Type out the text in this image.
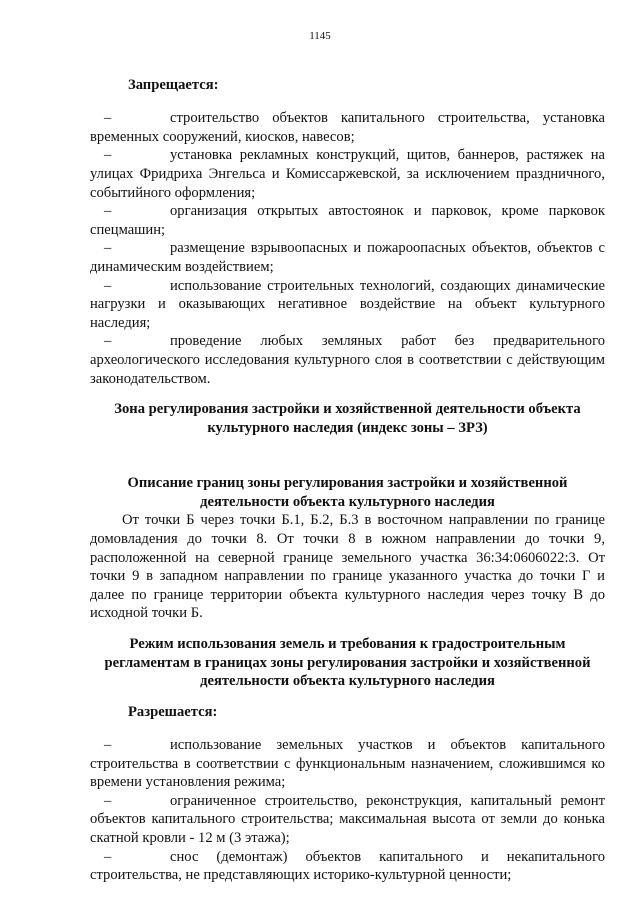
1145

Запрещается:

–	строительство объектов капитального строительства, установка временных сооружений, киосков, навесов;

–	установка рекламных конструкций, щитов, баннеров, растяжек на улицах Фридриха Энгельса и Комиссаржевской, за исключением праздничного, событийного оформления;

–	организация открытых автостоянок и парковок, кроме парковок спецмашин;

–	размещение взрывоопасных и пожароопасных объектов, объектов с динамическим воздействием;

–	использование строительных технологий, создающих динамические нагрузки и оказывающих негативное воздействие на объект культурного наследия;

–	проведение любых земляных работ без предварительного археологического исследования культурного слоя в соответствии с действующим законодательством.

Зона регулирования застройки и хозяйственной деятельности объекта культурного наследия (индекс зоны – ЗРЗ)

Описание границ зоны регулирования застройки и хозяйственной деятельности объекта культурного наследия

От точки Б через точки Б.1, Б.2, Б.3 в восточном направлении по границе домовладения до точки 8. От точки 8 в южном направлении до точки 9, расположенной на северной границе земельного участка 36:34:0606022:3. От точки 9 в западном направлении по границе указанного участка до точки Г и далее по границе территории объекта культурного наследия через точку В до исходной точки Б.

Режим использования земель и требования к градостроительным регламентам в границах зоны регулирования застройки и хозяйственной деятельности объекта культурного наследия

Разрешается:

–	использование земельных участков и объектов капитального строительства в соответствии с функциональным назначением, сложившимся ко времени установления режима;

–	ограниченное строительство, реконструкция, капитальный ремонт объектов капитального строительства; максимальная высота от земли до конька скатной кровли - 12 м (3 этажа);

–	снос (демонтаж) объектов капитального и некапитального строительства, не представляющих историко-культурной ценности;
